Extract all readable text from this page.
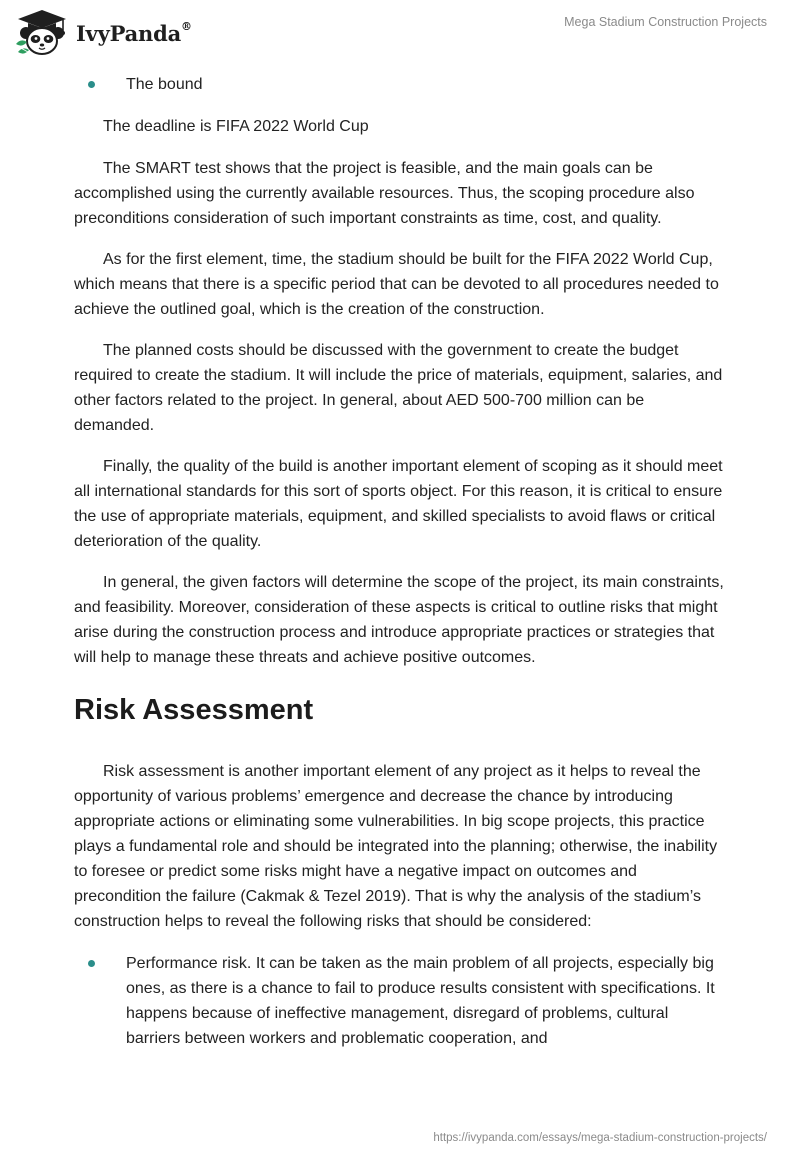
IvyPanda®	Mega Stadium Construction Projects
The bound

The deadline is FIFA 2022 World Cup

The SMART test shows that the project is feasible, and the main goals can be accomplished using the currently available resources. Thus, the scoping procedure also preconditions consideration of such important constraints as time, cost, and quality.

As for the first element, time, the stadium should be built for the FIFA 2022 World Cup, which means that there is a specific period that can be devoted to all procedures needed to achieve the outlined goal, which is the creation of the construction.

The planned costs should be discussed with the government to create the budget required to create the stadium. It will include the price of materials, equipment, salaries, and other factors related to the project. In general, about AED 500-700 million can be demanded.

Finally, the quality of the build is another important element of scoping as it should meet all international standards for this sort of sports object. For this reason, it is critical to ensure the use of appropriate materials, equipment, and skilled specialists to avoid flaws or critical deterioration of the quality.

In general, the given factors will determine the scope of the project, its main constraints, and feasibility. Moreover, consideration of these aspects is critical to outline risks that might arise during the construction process and introduce appropriate practices or strategies that will help to manage these threats and achieve positive outcomes.

Risk Assessment

Risk assessment is another important element of any project as it helps to reveal the opportunity of various problems’ emergence and decrease the chance by introducing appropriate actions or eliminating some vulnerabilities. In big scope projects, this practice plays a fundamental role and should be integrated into the planning; otherwise, the inability to foresee or predict some risks might have a negative impact on outcomes and precondition the failure (Cakmak & Tezel 2019). That is why the analysis of the stadium’s construction helps to reveal the following risks that should be considered:

Performance risk. It can be taken as the main problem of all projects, especially big ones, as there is a chance to fail to produce results consistent with specifications. It happens because of ineffective management, disregard of problems, cultural barriers between workers and problematic cooperation, and
https://ivypanda.com/essays/mega-stadium-construction-projects/
